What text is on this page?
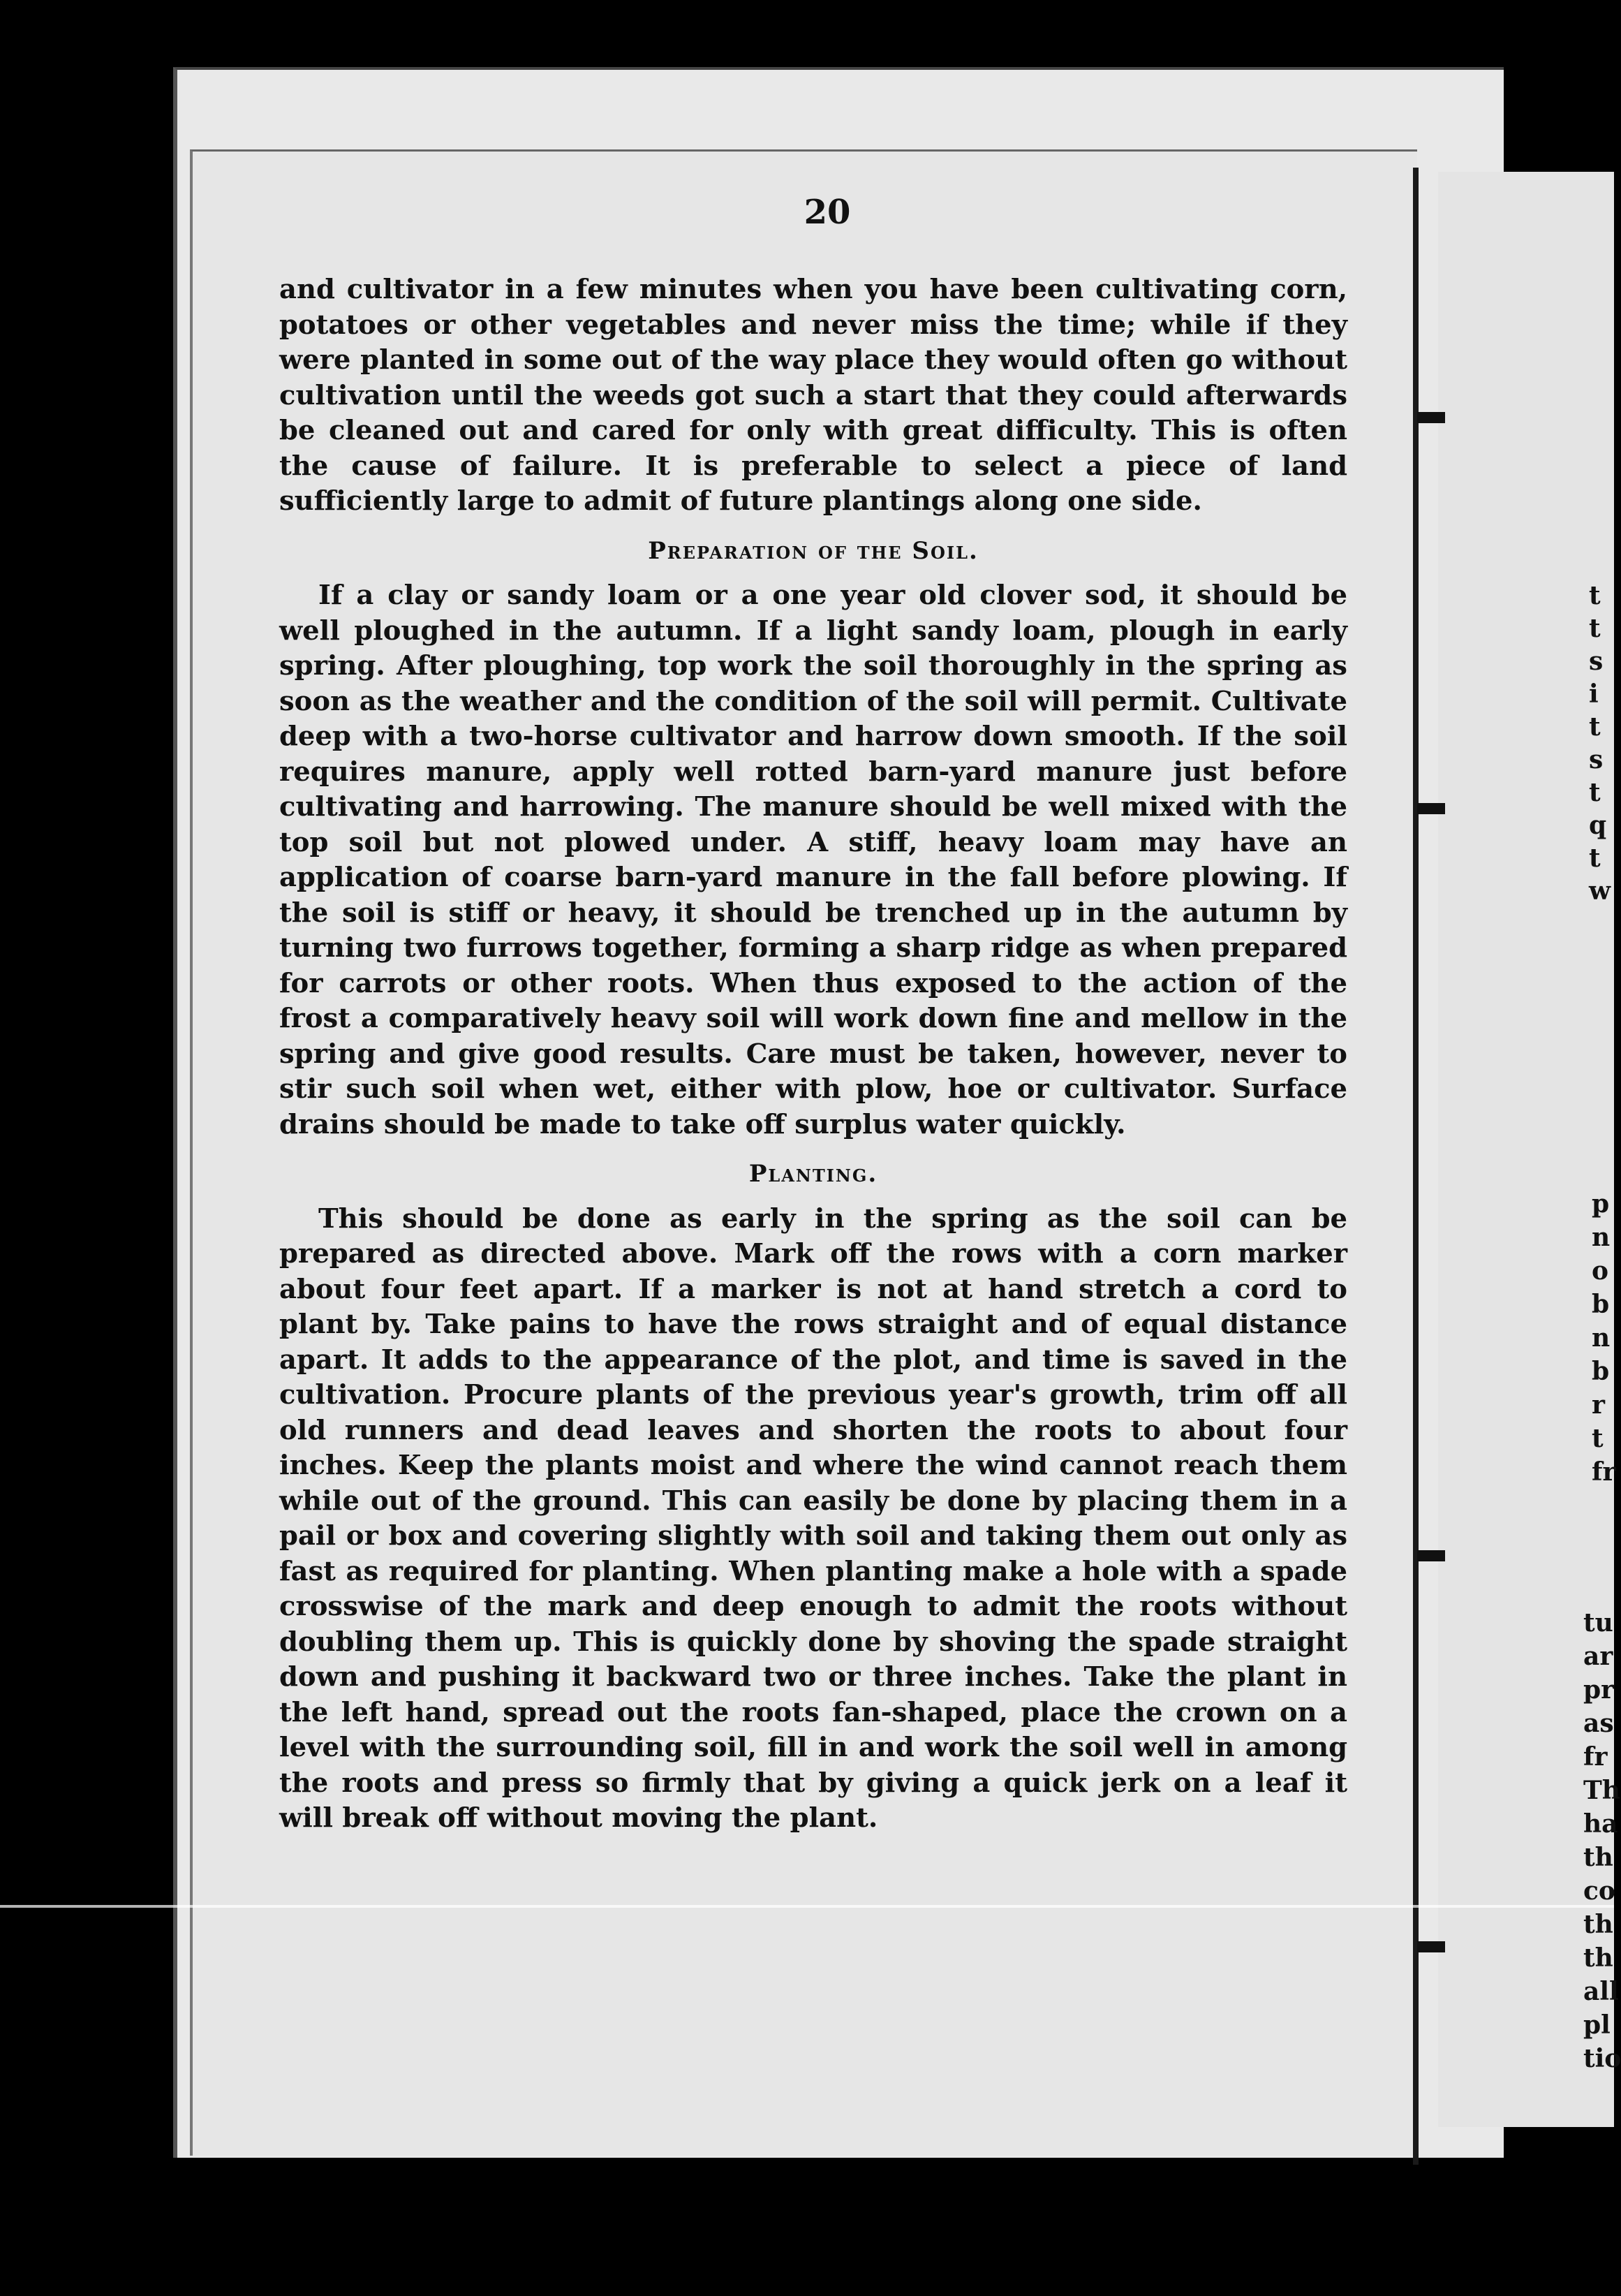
20

and cultivator in a few minutes when you have been cultivating corn, potatoes or other vegetables and never miss the time; while if they were planted in some out of the way place they would often go without cultivation until the weeds got such a start that they could afterwards be cleaned out and cared for only with great difficulty. This is often the cause of failure. It is preferable to select a piece of land sufficiently large to admit of future plantings along one side.

Preparation of the Soil.

If a clay or sandy loam or a one year old clover sod, it should be well ploughed in the autumn. If a light sandy loam, plough in early spring. After ploughing, top work the soil thoroughly in the spring as soon as the weather and the condition of the soil will permit. Cultivate deep with a two-horse cultivator and harrow down smooth. If the soil requires manure, apply well rotted barn-yard manure just before cultivating and harrowing. The manure should be well mixed with the top soil but not plowed under. A stiff, heavy loam may have an application of coarse barn-yard manure in the fall before plowing. If the soil is stiff or heavy, it should be trenched up in the autumn by turning two furrows together, forming a sharp ridge as when prepared for carrots or other roots. When thus exposed to the action of the frost a comparatively heavy soil will work down fine and mellow in the spring and give good results. Care must be taken, however, never to stir such soil when wet, either with plow, hoe or cultivator. Surface drains should be made to take off surplus water quickly.

Planting.

This should be done as early in the spring as the soil can be prepared as directed above. Mark off the rows with a corn marker about four feet apart. If a marker is not at hand stretch a cord to plant by. Take pains to have the rows straight and of equal distance apart. It adds to the appearance of the plot, and time is saved in the cultivation. Procure plants of the previous year's growth, trim off all old runners and dead leaves and shorten the roots to about four inches. Keep the plants moist and where the wind cannot reach them while out of the ground. This can easily be done by placing them in a pail or box and covering slightly with soil and taking them out only as fast as required for planting. When planting make a hole with a spade crosswise of the mark and deep enough to admit the roots without doubling them up. This is quickly done by shoving the spade straight down and pushing it backward two or three inches. Take the plant in the left hand, spread out the roots fan-shaped, place the crown on a level with the surrounding soil, fill in and work the soil well in among the roots and press so firmly that by giving a quick jerk on a leaf it will break off without moving the plant.

t
t
s
i
t
s
t
q
t
w
p
n
o
b
n
b
r
t
fr
tu
ar
pr
as
fr
Th
ha
th
co
th
th
all
pl
tio
